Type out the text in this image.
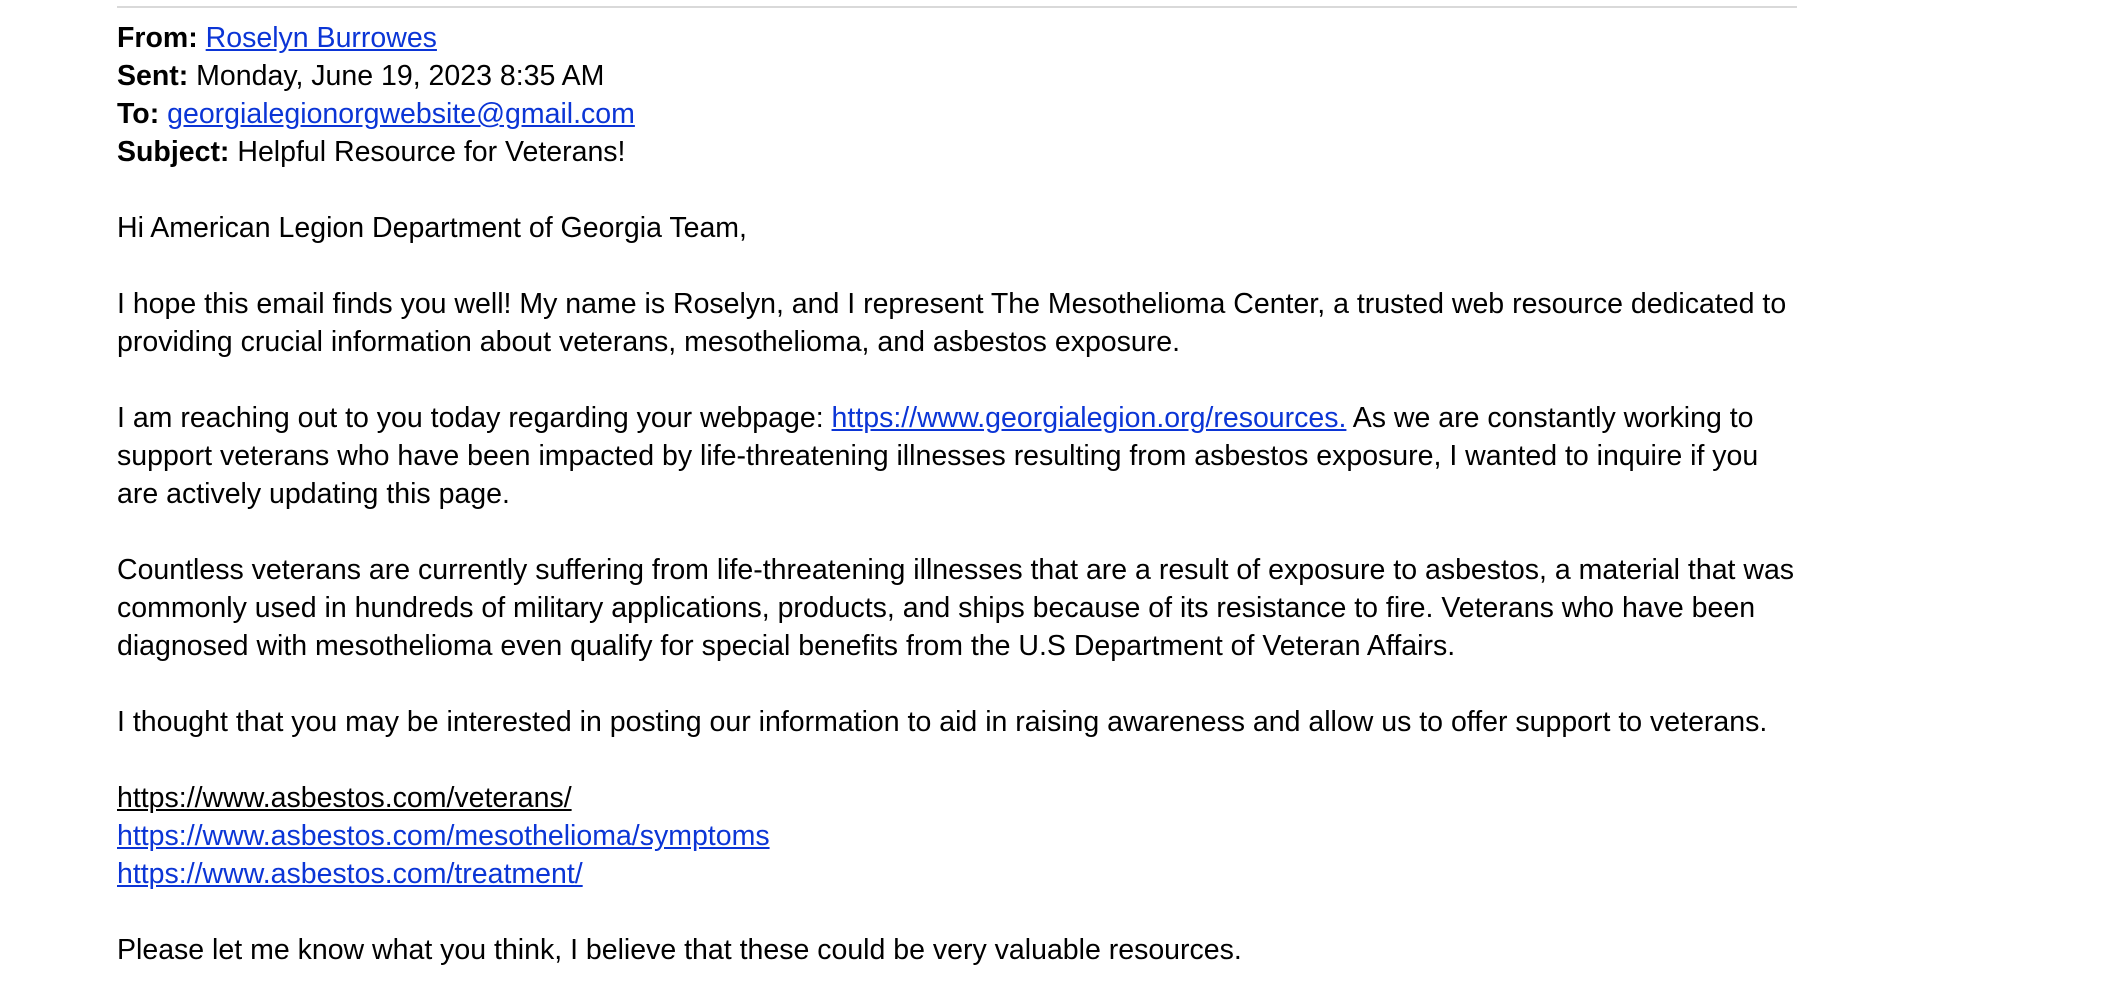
From: Roselyn Burrowes
Sent: Monday, June 19, 2023 8:35 AM
To: georgialegionorgwebsite@gmail.com
Subject: Helpful Resource for Veterans!

Hi American Legion Department of Georgia Team,

I hope this email finds you well! My name is Roselyn, and I represent The Mesothelioma Center, a trusted web resource dedicated to providing crucial information about veterans, mesothelioma, and asbestos exposure.

I am reaching out to you today regarding your webpage: https://www.georgialegion.org/resources. As we are constantly working to support veterans who have been impacted by life-threatening illnesses resulting from asbestos exposure, I wanted to inquire if you are actively updating this page.

Countless veterans are currently suffering from life-threatening illnesses that are a result of exposure to asbestos, a material that was commonly used in hundreds of military applications, products, and ships because of its resistance to fire. Veterans who have been diagnosed with mesothelioma even qualify for special benefits from the U.S Department of Veteran Affairs.

I thought that you may be interested in posting our information to aid in raising awareness and allow us to offer support to veterans.

https://www.asbestos.com/veterans/
https://www.asbestos.com/mesothelioma/symptoms
https://www.asbestos.com/treatment/

Please let me know what you think, I believe that these could be very valuable resources.
